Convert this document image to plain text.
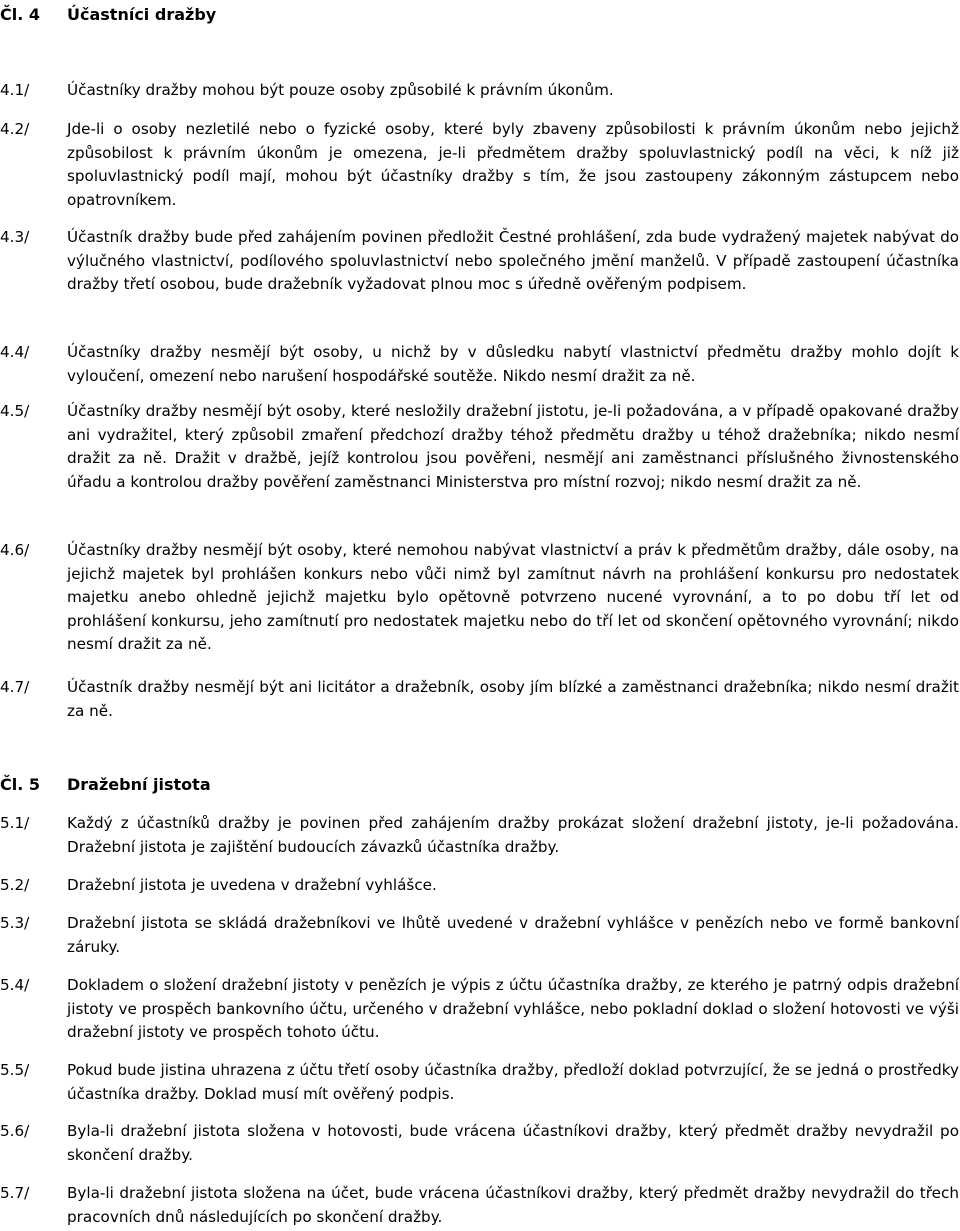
Čl. 4 Účastníci dražby
4.1/ Účastníky dražby mohou být pouze osoby způsobilé k právním úkonům.
4.2/ Jde-li o osoby nezletilé nebo o fyzické osoby, které byly zbaveny způsobilosti k právním úkonům nebo jejichž způsobilost k právním úkonům je omezena, je-li předmětem dražby spoluvlastnický podíl na věci, k níž již spoluvlastnický podíl mají, mohou být účastníky dražby s tím, že jsou zastoupeny zákonným zástupcem nebo opatrovníkem.
4.3/ Účastník dražby bude před zahájením povinen předložit Čestné prohlášení, zda bude vydražený majetek nabývat do výlučného vlastnictví, podílového spoluvlastnictví nebo společného jmění manželů. V případě zastoupení účastníka dražby třetí osobou, bude dražebník vyžadovat plnou moc s úředně ověřeným podpisem.
4.4/ Účastníky dražby nesmějí být osoby, u nichž by v důsledku nabytí vlastnictví předmětu dražby mohlo dojít k vyloučení, omezení nebo narušení hospodářské soutěže. Nikdo nesmí dražit za ně.
4.5/ Účastníky dražby nesmějí být osoby, které nesložily dražební jistotu, je-li požadována, a v případě opakované dražby ani vydražitel, který způsobil zmaření předchozí dražby téhož předmětu dražby u téhož dražebníka; nikdo nesmí dražit za ně. Dražit v dražbě, jejíž kontrolou jsou pověřeni, nesmějí ani zaměstnanci příslušného živnostenského úřadu a kontrolou dražby pověření zaměstnanci Ministerstva pro místní rozvoj; nikdo nesmí dražit za ně.
4.6/ Účastníky dražby nesmějí být osoby, které nemohou nabývat vlastnictví a práv k předmětům dražby, dále osoby, na jejichž majetek byl prohlášen konkurs nebo vůči nimž byl zamítnut návrh na prohlášení konkursu pro nedostatek majetku anebo ohledně jejichž majetku bylo opětovně potvrzeno nucené vyrovnání, a to po dobu tří let od prohlášení konkursu, jeho zamítnutí pro nedostatek majetku nebo do tří let od skončení opětovného vyrovnání; nikdo nesmí dražit za ně.
4.7/ Účastník dražby nesmějí být ani licitátor a dražebník, osoby jím blízké a zaměstnanci dražebníka; nikdo nesmí dražit za ně.
Čl. 5 Dražební jistota
5.1/ Každý z účastníků dražby je povinen před zahájením dražby prokázat složení dražební jistoty, je-li požadována. Dražební jistota je zajištění budoucích závazků účastníka dražby.
5.2/ Dražební jistota je uvedena v dražební vyhlášce.
5.3/ Dražební jistota se skládá dražebníkovi ve lhůtě uvedené v dražební vyhlášce v penězích nebo ve formě bankovní záruky.
5.4/ Dokladem o složení dražební jistoty v penězích je výpis z účtu účastníka dražby, ze kterého je patrný odpis dražební jistoty ve prospěch bankovního účtu, určeného v dražební vyhlášce, nebo pokladní doklad o složení hotovosti ve výši dražební jistoty ve prospěch tohoto účtu.
5.5/ Pokud bude jistina uhrazena z účtu třetí osoby účastníka dražby, předloží doklad potvrzující, že se jedná o prostředky účastníka dražby. Doklad musí mít ověřený podpis.
5.6/ Byla-li dražební jistota složena v hotovosti, bude vrácena účastníkovi dražby, který předmět dražby nevydražil po skončení dražby.
5.7/ Byla-li dražební jistota složena na účet, bude vrácena účastníkovi dražby, který předmět dražby nevydražil do třech pracovních dnů následujících po skončení dražby.
